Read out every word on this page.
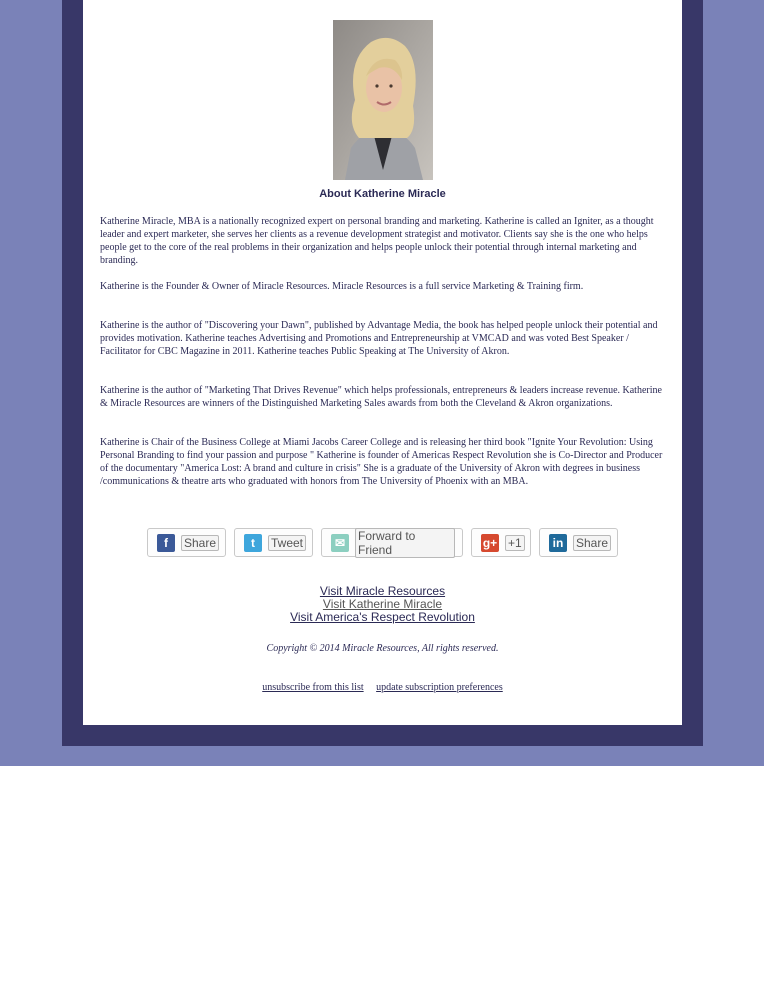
About Katherine Miracle

Katherine Miracle, MBA is a nationally recognized expert on personal branding and marketing. Katherine is called an Igniter, as a thought leader and expert marketer, she serves her clients as a revenue development strategist and motivator. Clients say she is the one who helps people get to the core of the real problems in their organization and helps people unlock their potential through internal marketing and branding.

Katherine is the Founder & Owner of Miracle Resources. Miracle Resources is a full service Marketing & Training firm.

Katherine is the author of "Discovering your Dawn", published by Advantage Media, the book has helped people unlock their potential and provides motivation. Katherine teaches Advertising and Promotions and Entrepreneurship at VMCAD and was voted Best Speaker / Facilitator for CBC Magazine in 2011. Katherine teaches Public Speaking at The University of Akron.

Katherine is the author of "Marketing That Drives Revenue" which helps professionals, entrepreneurs & leaders increase revenue. Katherine & Miracle Resources are winners of the Distinguished Marketing Sales awards from both the Cleveland & Akron organizations.

Katherine is Chair of the Business College at Miami Jacobs Career College and is releasing her third book "Ignite Your Revolution: Using Personal Branding to find your passion and purpose " Katherine is founder of Americas Respect Revolution she is Co-Director and Producer of the documentary "America Lost: A brand and culture in crisis" She is a graduate of the University of Akron with degrees in business /communications & theatre arts who graduated with honors from The University of Phoenix with an MBA.

f	Share	t	Tweet	✉	Forward to Friend	g+ +1	in	Share
Visit Miracle Resources
Visit Katherine Miracle
Visit America's Respect Revolution
Copyright © 2014 Miracle Resources, All rights reserved.
unsubscribe from this list update subscription preferences
